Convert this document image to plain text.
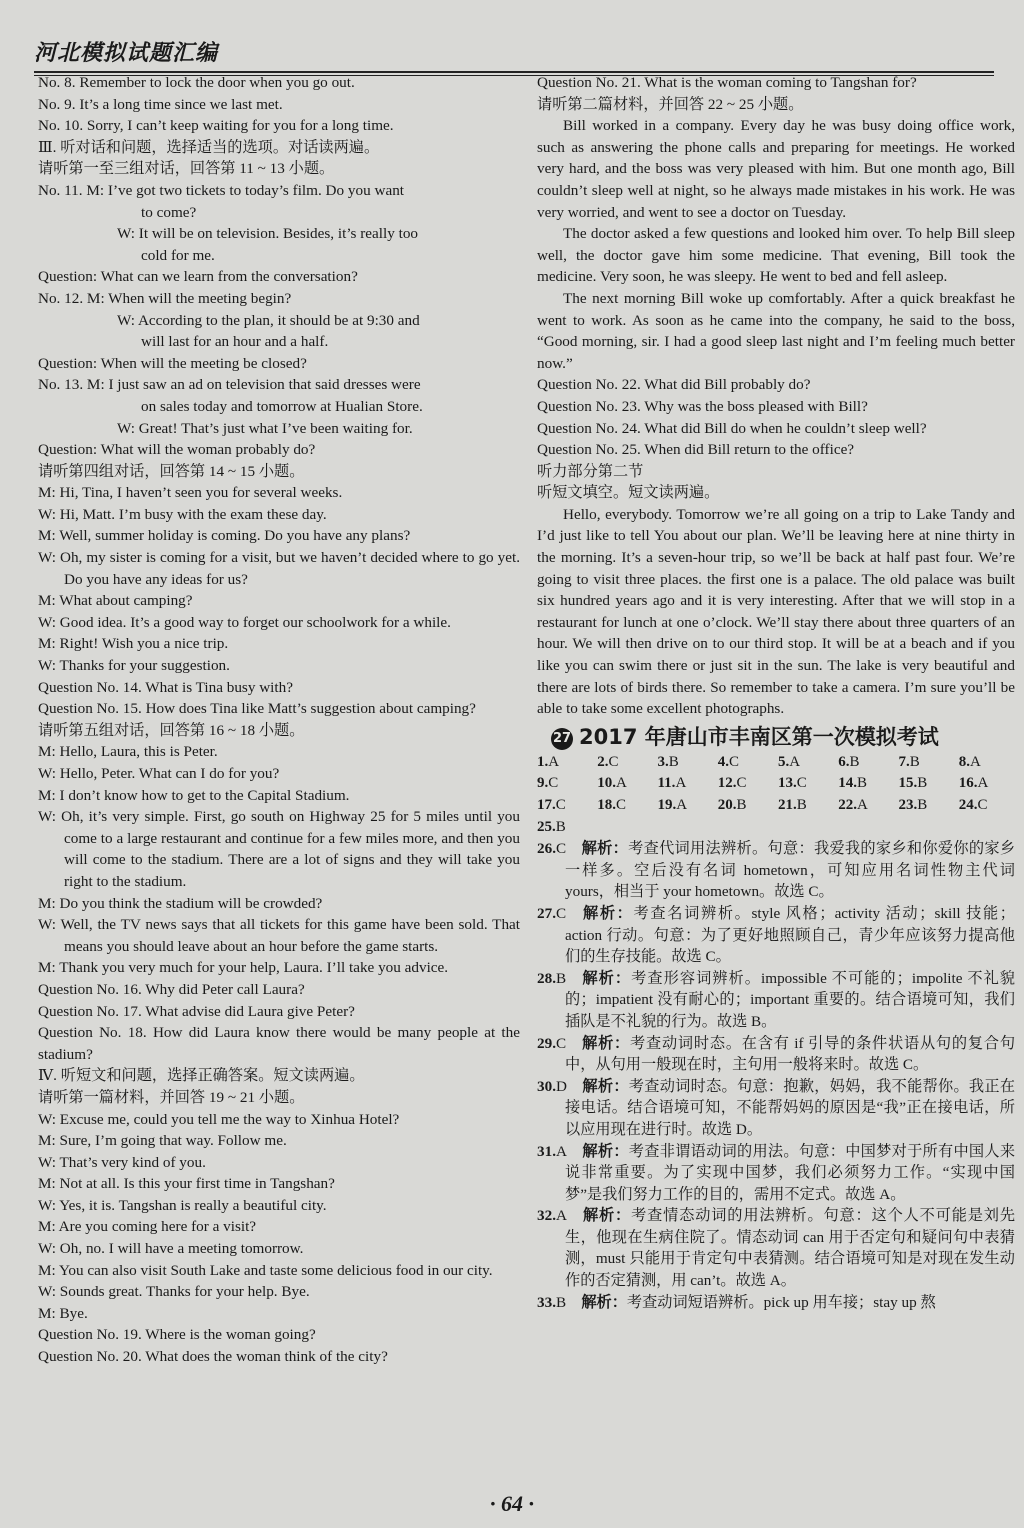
河北模拟试题汇编
No. 8. Remember to lock the door when you go out.
No. 9. It’s a long time since we last met.
No. 10. Sorry, I can’t keep waiting for you for a long time.
Ⅲ. 听对话和问题，选择适当的选项。对话读两遍。
请听第一至三组对话，回答第 11 ~ 13 小题。
No. 11. M: I’ve got two tickets to today’s film. Do you want
to come?
W: It will be on television. Besides, it’s really too
cold for me.
Question: What can we learn from the conversation?
No. 12. M: When will the meeting begin?
W: According to the plan, it should be at 9:30 and
will last for an hour and a half.
Question: When will the meeting be closed?
No. 13. M: I just saw an ad on television that said dresses were
on sales today and tomorrow at Hualian Store.
W: Great! That’s just what I’ve been waiting for.
Question: What will the woman probably do?
请听第四组对话，回答第 14 ~ 15 小题。
M: Hi, Tina, I haven’t seen you for several weeks.
W: Hi, Matt. I’m busy with the exam these day.
M: Well, summer holiday is coming. Do you have any plans?
W: Oh, my sister is coming for a visit, but we haven’t decided where to go yet. Do you have any ideas for us?
M: What about camping?
W: Good idea. It’s a good way to forget our schoolwork for a while.
M: Right! Wish you a nice trip.
W: Thanks for your suggestion.
Question No. 14. What is Tina busy with?
Question No. 15. How does Tina like Matt’s suggestion about camping?
请听第五组对话，回答第 16 ~ 18 小题。
M: Hello, Laura, this is Peter.
W: Hello, Peter. What can I do for you?
M: I don’t know how to get to the Capital Stadium.
W: Oh, it’s very simple. First, go south on Highway 25 for 5 miles until you come to a large restaurant and continue for a few miles more, and then you will come to the stadium. There are a lot of signs and they will take you right to the stadium.
M: Do you think the stadium will be crowded?
W: Well, the TV news says that all tickets for this game have been sold. That means you should leave about an hour before the game starts.
M: Thank you very much for your help, Laura. I’ll take you advice.
Question No. 16. Why did Peter call Laura?
Question No. 17. What advise did Laura give Peter?
Question No. 18. How did Laura know there would be many people at the stadium?
Ⅳ. 听短文和问题，选择正确答案。短文读两遍。
请听第一篇材料，并回答 19 ~ 21 小题。
W: Excuse me, could you tell me the way to Xinhua Hotel?
M: Sure, I’m going that way. Follow me.
W: That’s very kind of you.
M: Not at all. Is this your first time in Tangshan?
W: Yes, it is. Tangshan is really a beautiful city.
M: Are you coming here for a visit?
W: Oh, no. I will have a meeting tomorrow.
M: You can also visit South Lake and taste some delicious food in our city.
W: Sounds great. Thanks for your help. Bye.
M: Bye.
Question No. 19. Where is the woman going?
Question No. 20. What does the woman think of the city?
Question No. 21. What is the woman coming to Tangshan for?
请听第二篇材料，并回答 22 ~ 25 小题。
Bill worked in a company. Every day he was busy doing office work, such as answering the phone calls and preparing for meetings. He worked very hard, and the boss was very pleased with him. But one month ago, Bill couldn’t sleep well at night, so he always made mistakes in his work. He was very worried, and went to see a doctor on Tuesday.
The doctor asked a few questions and looked him over. To help Bill sleep well, the doctor gave him some medicine. That evening, Bill took the medicine. Very soon, he was sleepy. He went to bed and fell asleep.
The next morning Bill woke up comfortably. After a quick breakfast he went to work. As soon as he came into the company, he said to the boss, “Good morning, sir. I had a good sleep last night and I’m feeling much better now.”
Question No. 22. What did Bill probably do?
Question No. 23. Why was the boss pleased with Bill?
Question No. 24. What did Bill do when he couldn’t sleep well?
Question No. 25. When did Bill return to the office?
听力部分第二节
听短文填空。短文读两遍。
Hello, everybody. Tomorrow we’re all going on a trip to Lake Tandy and I’d just like to tell You about our plan. We’ll be leaving here at nine thirty in the morning. It’s a seven-hour trip, so we’ll be back at half past four. We’re going to visit three places. the first one is a palace. The old palace was built six hundred years ago and it is very interesting. After that we will stop in a restaurant for lunch at one o’clock. We’ll stay there about three quarters of an hour. We will then drive on to our third stop. It will be at a beach and if you like you can swim there or just sit in the sun. The lake is very beautiful and there are lots of birds there. So remember to take a camera. I’m sure you’ll be able to take some excellent photographs.
27 2017 年唐山市丰南区第一次模拟考试
1.A	2.C	3.B	4.C	5.A	6.B	7.B	8.A
9.C	10.A	11.A	12.C	13.C	14.B	15.B	16.A
17.C	18.C	19.A	20.B	21.B	22.A	23.B	24.C
25.B
26.C 解析：考查代词用法辨析。句意：我爱我的家乡和你爱你的家乡一样多。空后没有名词 hometown，可知应用名词性物主代词 yours，相当于 your hometown。故选 C。
27.C 解析：考查名词辨析。style 风格；activity 活动；skill 技能；action 行动。句意：为了更好地照顾自己，青少年应该努力提高他们的生存技能。故选 C。
28.B 解析：考查形容词辨析。impossible 不可能的；impolite 不礼貌的；impatient 没有耐心的；important 重要的。结合语境可知，我们插队是不礼貌的行为。故选 B。
29.C 解析：考查动词时态。在含有 if 引导的条件状语从句的复合句中，从句用一般现在时，主句用一般将来时。故选 C。
30.D 解析：考查动词时态。句意：抱歉，妈妈，我不能帮你。我正在接电话。结合语境可知，不能帮妈妈的原因是“我”正在接电话，所以应用现在进行时。故选 D。
31.A 解析：考查非谓语动词的用法。句意：中国梦对于所有中国人来说非常重要。为了实现中国梦，我们必须努力工作。“实现中国梦”是我们努力工作的目的，需用不定式。故选 A。
32.A 解析：考查情态动词的用法辨析。句意：这个人不可能是刘先生，他现在生病住院了。情态动词 can 用于否定句和疑问句中表猜测，must 只能用于肯定句中表猜测。结合语境可知是对现在发生动作的否定猜测，用 can’t。故选 A。
33.B 解析：考查动词短语辨析。pick up 用车接；stay up 熬
· 64 ·
